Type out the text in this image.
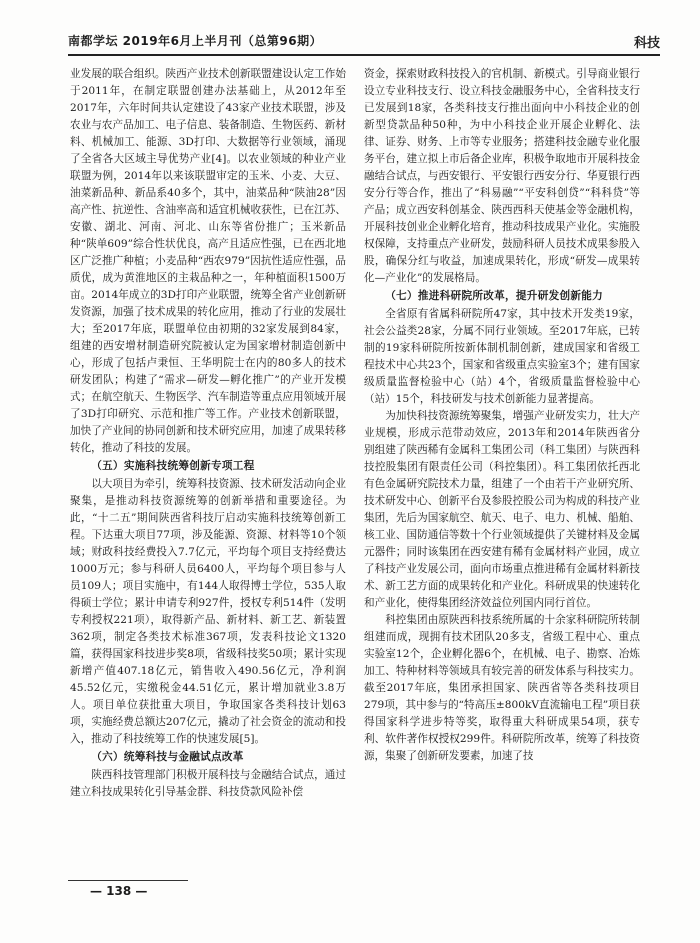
南都学坛 2019年6月上半月刊（总第96期）	科技

业发展的联合组织。陕西产业技术创新联盟建设认定工作始于2011年，在制定联盟创建办法基础上，从2012年至2017年，六年时间共认定建设了43家产业技术联盟，涉及农业与农产品加工、电子信息、装备制造、生物医药、新材料、机械加工、能源、3D打印、大数据等行业领域，涌现了全省各大区域主导优势产业[4]。以农业领域的种业产业联盟为例，2014年以来该联盟审定的玉米、小麦、大豆、油菜新品种、新品系40多个，其中，油菜品种“陕油28”因高产性、抗逆性、含油率高和适宜机械收获性，已在江苏、安徽、湖北、河南、河北、山东等省份推广；玉米新品种“陕单609”综合性状优良，高产且适应性强，已在西北地区广泛推广种植；小麦品种“西农979”因抗性适应性强，品质优，成为黄淮地区的主栽品种之一，年种植面积1500万亩。2014年成立的3D打印产业联盟，统筹全省产业创新研发资源，加强了技术成果的转化应用，推动了行业的发展壮大；至2017年底，联盟单位由初期的32家发展到84家，组建的西安增材制造研究院被认定为国家增材制造创新中心，形成了包括卢秉恒、王华明院士在内的80多人的技术研发团队；构建了“需求—研发—孵化推广”的产业开发模式；在航空航天、生物医学、汽车制造等重点应用领域开展了3D打印研究、示范和推广等工作。产业技术创新联盟，加快了产业间的协同创新和技术研究应用，加速了成果转移转化，推动了科技的发展。

（五）实施科技统筹创新专项工程

以大项目为牵引，统筹科技资源、技术研发活动向企业聚集，是推动科技资源统筹的创新举措和重要途径。为此，“十二五”期间陕西省科技厅启动实施科技统筹创新工程。下达重大项目77项，涉及能源、资源、材料等10个领域；财政科技经费投入7.7亿元，平均每个项目支持经费达1000万元；参与科研人员6400人，平均每个项目参与人员109人；项目实施中，有144人取得博士学位，535人取得硕士学位；累计申请专利927件，授权专利514件（发明专利授权221项），取得新产品、新材料、新工艺、新装置362项，制定各类技术标准367项，发表科技论文1320篇，获得国家科技进步奖8项，省级科技奖50项；累计实现新增产值407.18亿元，销售收入490.56亿元，净利润45.52亿元，实缴税金44.51亿元，累计增加就业3.8万人。项目单位获批重大项目，争取国家各类科技计划63项，实施经费总额达207亿元，撬动了社会资金的流动和投入，推动了科技统筹工作的快速发展[5]。

（六）统筹科技与金融试点改革

陕西科技管理部门积极开展科技与金融结合试点，通过建立科技成果转化引导基金群、科技贷款风险补偿

资金，探索财政科技投入的官机制、新模式。引导商业银行设立专业科技支行、设立科技金融服务中心，全省科技支行已发展到18家，各类科技支行推出面向中小科技企业的创新型贷款品种50种，为中小科技企业开展企业孵化、法律、证券、财务、上市等专业服务；搭建科技金融专业化服务平台，建立拟上市后备企业库，积极争取地市开展科技金融结合试点，与西安银行、平安银行西安分行、华夏银行西安分行等合作，推出了“科易融”“平安科创贷”“科科贷”等产品；成立西安科创基金、陕西西科天使基金等金融机构，开展科技创业企业孵化培育，推动科技成果产业化。实施股权保障，支持重点产业研发，鼓励科研人员技术成果参股入股，确保分红与收益，加速成果转化，形成“研发—成果转化—产业化”的发展格局。

（七）推进科研院所改革，提升研发创新能力

全省原有省属科研院所47家，其中技术开发类19家，社会公益类28家，分属不同行业领域。至2017年底，已转制的19家科研院所按新体制机制创新，建成国家和省级工程技术中心共23个，国家和省级重点实验室3个；建有国家级质量监督检验中心（站）4个，省级质量监督检验中心（站）15个，科技研发与技术创新能力显著提高。

为加快科技资源统筹聚集，增强产业研发实力，壮大产业规模，形成示范带动效应，2013年和2014年陕西省分别组建了陕西稀有金属科工集团公司（科工集团）与陕西科技控股集团有限责任公司（科控集团）。科工集团依托西北有色金属研究院技术力量，组建了一个由若干产业研究所、技术研发中心、创新平台及参股控股公司为构成的科技产业集团，先后为国家航空、航天、电子、电力、机械、船舶、核工业、国防通信等数十个行业领域提供了关键材料及金属元器件；同时该集团在西安建有稀有金属材料产业园，成立了科技产业发展公司，面向市场重点推进稀有金属材料新技术、新工艺方面的成果转化和产业化。科研成果的快速转化和产业化，使得集团经济效益位列国内同行首位。

科控集团由原陕西科技系统所属的十余家科研院所转制组建而成，现拥有技术团队20多支，省级工程中心、重点实验室12个，企业孵化器6个，在机械、电子、勘察、冶炼加工、特种材料等领域具有较完善的研发体系与科技实力。截至2017年底，集团承担国家、陕西省等各类科技项目279项，其中参与的“特高压±800kV直流输电工程”项目获得国家科学进步特等奖，取得重大科研成果54项，获专利、软件著作权授权299件。科研院所改革，统筹了科技资源，集聚了创新研发要素，加速了技

— 138 —
